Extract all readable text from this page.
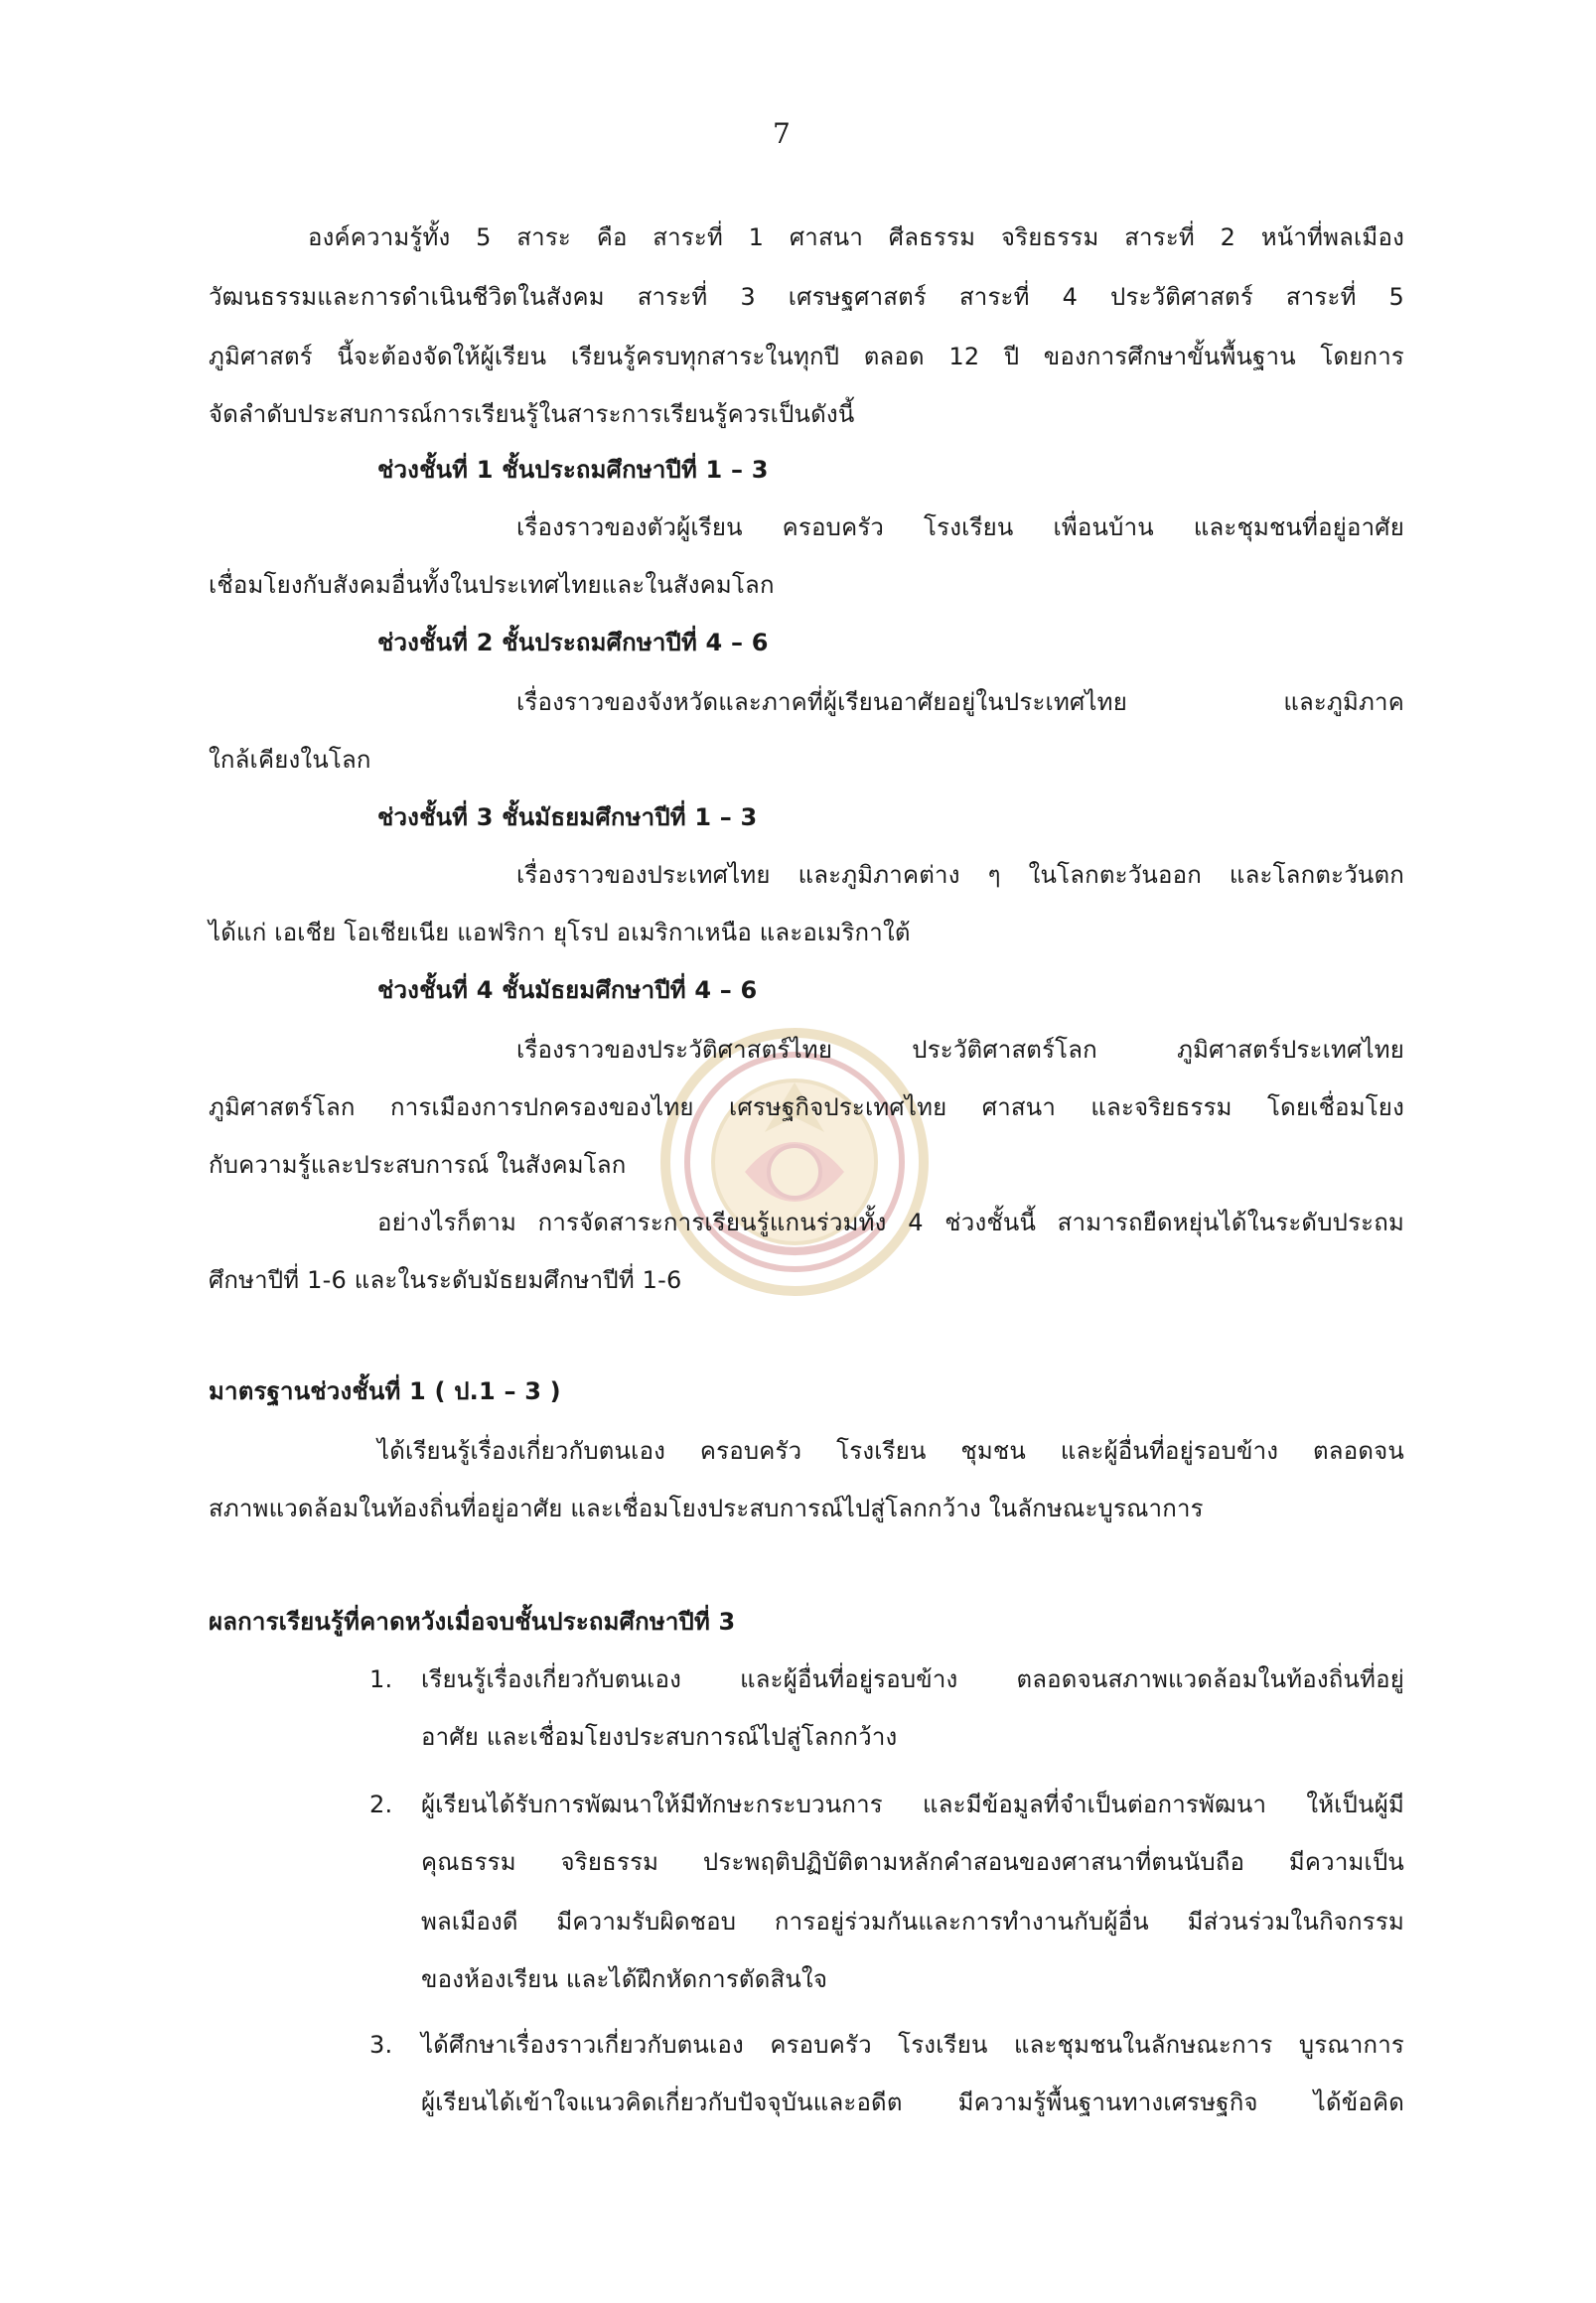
7
องค์ความรู้ทั้ง 5 สาระ คือ สาระที่ 1 ศาสนา ศีลธรรม จริยธรรม สาระที่ 2 หน้าที่พลเมือง
วัฒนธรรมและการดำเนินชีวิตในสังคม สาระที่ 3 เศรษฐศาสตร์ สาระที่ 4 ประวัติศาสตร์ สาระที่ 5
ภูมิศาสตร์ นี้จะต้องจัดให้ผู้เรียน เรียนรู้ครบทุกสาระในทุกปี ตลอด 12 ปี ของการศึกษาขั้นพื้นฐาน โดยการ
จัดลำดับประสบการณ์การเรียนรู้ในสาระการเรียนรู้ควรเป็นดังนี้
ช่วงชั้นที่ 1 ชั้นประถมศึกษาปีที่ 1 – 3
เรื่องราวของตัวผู้เรียน ครอบครัว โรงเรียน เพื่อนบ้าน และชุมชนที่อยู่อาศัย
เชื่อมโยงกับสังคมอื่นทั้งในประเทศไทยและในสังคมโลก
ช่วงชั้นที่ 2 ชั้นประถมศึกษาปีที่ 4 – 6
เรื่องราวของจังหวัดและภาคที่ผู้เรียนอาศัยอยู่ในประเทศไทย และภูมิภาค
ใกล้เคียงในโลก
ช่วงชั้นที่ 3 ชั้นมัธยมศึกษาปีที่ 1 – 3
เรื่องราวของประเทศไทย และภูมิภาคต่าง ๆ ในโลกตะวันออก และโลกตะวันตก
ได้แก่ เอเชีย โอเชียเนีย แอฟริกา ยุโรป อเมริกาเหนือ และอเมริกาใต้
ช่วงชั้นที่ 4 ชั้นมัธยมศึกษาปีที่ 4 – 6
เรื่องราวของประวัติศาสตร์ไทย ประวัติศาสตร์โลก ภูมิศาสตร์ประเทศไทย
ภูมิศาสตร์โลก การเมืองการปกครองของไทย เศรษฐกิจประเทศไทย ศาสนา และจริยธรรม โดยเชื่อมโยง
กับความรู้และประสบการณ์ ในสังคมโลก
อย่างไรก็ตาม การจัดสาระการเรียนรู้แกนร่วมทั้ง 4 ช่วงชั้นนี้ สามารถยืดหยุ่นได้ในระดับประถม
ศึกษาปีที่ 1-6 และในระดับมัธยมศึกษาปีที่ 1-6
มาตรฐานช่วงชั้นที่ 1 ( ป.1 – 3 )
ได้เรียนรู้เรื่องเกี่ยวกับตนเอง ครอบครัว โรงเรียน ชุมชน และผู้อื่นที่อยู่รอบข้าง ตลอดจน
สภาพแวดล้อมในท้องถิ่นที่อยู่อาศัย และเชื่อมโยงประสบการณ์ไปสู่โลกกว้าง ในลักษณะบูรณาการ
ผลการเรียนรู้ที่คาดหวังเมื่อจบชั้นประถมศึกษาปีที่ 3
1. เรียนรู้เรื่องเกี่ยวกับตนเอง และผู้อื่นที่อยู่รอบข้าง ตลอดจนสภาพแวดล้อมในท้องถิ่นที่อยู่
อาศัย และเชื่อมโยงประสบการณ์ไปสู่โลกกว้าง
2. ผู้เรียนได้รับการพัฒนาให้มีทักษะกระบวนการ และมีข้อมูลที่จำเป็นต่อการพัฒนา ให้เป็นผู้มี
คุณธรรม จริยธรรม ประพฤติปฏิบัติตามหลักคำสอนของศาสนาที่ตนนับถือ มีความเป็น
พลเมืองดี มีความรับผิดชอบ การอยู่ร่วมกันและการทำงานกับผู้อื่น มีส่วนร่วมในกิจกรรม
ของห้องเรียน และได้ฝึกหัดการตัดสินใจ
3. ได้ศึกษาเรื่องราวเกี่ยวกับตนเอง ครอบครัว โรงเรียน และชุมชนในลักษณะการ บูรณาการ
ผู้เรียนได้เข้าใจแนวคิดเกี่ยวกับปัจจุบันและอดีต มีความรู้พื้นฐานทางเศรษฐกิจ ได้ข้อคิด
